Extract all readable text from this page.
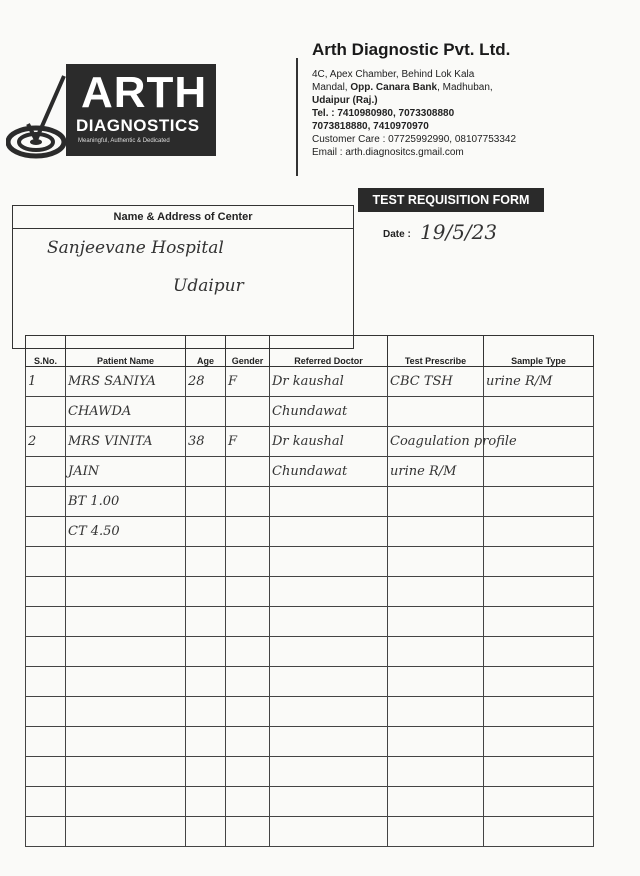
ARTH
DIAGNOSTICS
Meaningful, Authentic & Dedicated
Arth Diagnostic Pvt. Ltd.
4C, Apex Chamber, Behind Lok Kala
Mandal, Opp. Canara Bank, Madhuban,
Udaipur (Raj.)
Tel. : 7410980980, 7073308880
7073818880, 7410970970
Customer Care : 07725992990, 08107753342
Email : arth.diagnositcs.gmail.com
TEST REQUISITION FORM
Date : 19/5/23
Name & Address of Center
Sanjeevane Hospital
Udaipur
S.No.	Patient Name	Age	Gender	Referred Doctor	Test Prescribe	Sample Type
1	MRS SANIYA	28	F	Dr kaushal	CBC TSH	urine R/M
	CHAWDA			Chundawat		
2	MRS VINITA	38	F	Dr kaushal	Coagulation profile	
	JAIN			Chundawat	urine R/M	
	BT 1.00					
	CT 4.50					
